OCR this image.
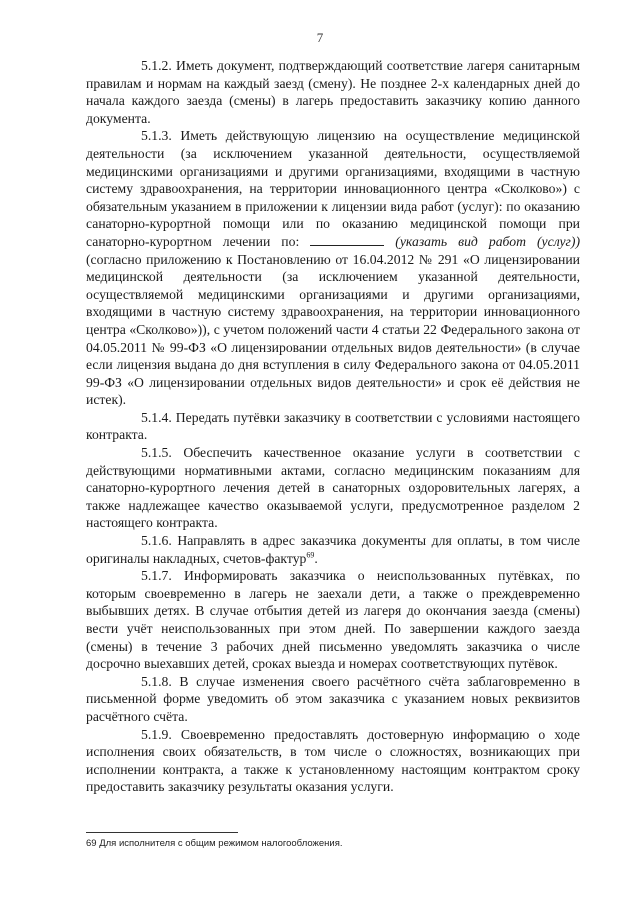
7

5.1.2. Иметь документ, подтверждающий соответствие лагеря санитарным правилам и нормам на каждый заезд (смену). Не позднее 2-х календарных дней до начала каждого заезда (смены) в лагерь предоставить заказчику копию данного документа.

5.1.3. Иметь действующую лицензию на осуществление медицинской деятельности (за исключением указанной деятельности, осуществляемой медицинскими организациями и другими организациями, входящими в частную систему здравоохранения, на территории инновационного центра «Сколково») с обязательным указанием в приложении к лицензии вида работ (услуг): по оказанию санаторно-курортной помощи или по оказанию медицинской помощи при санаторно-курортном лечении по:	(указать вид работ (услуг)) (согласно приложению к Постановлению от 16.04.2012 № 291 «О лицензировании медицинской деятельности (за исключением указанной деятельности, осуществляемой медицинскими организациями и другими организациями, входящими в частную систему здравоохранения, на территории инновационного центра «Сколково»)), с учетом положений части 4 статьи 22 Федерального закона от 04.05.2011 № 99-ФЗ «О лицензировании отдельных видов деятельности» (в случае если лицензия выдана до дня вступления в силу Федерального закона от 04.05.2011 99-ФЗ «О лицензировании отдельных видов деятельности» и срок её действия не истек).

5.1.4. Передать путёвки заказчику в соответствии с условиями настоящего контракта.

5.1.5. Обеспечить качественное оказание услуги в соответствии с действующими нормативными актами, согласно медицинским показаниям для санаторно-курортного лечения детей в санаторных оздоровительных лагерях, а также надлежащее качество оказываемой услуги, предусмотренное разделом 2 настоящего контракта.

5.1.6. Направлять в адрес заказчика документы для оплаты, в том числе оригиналы накладных, счетов-фактур$^{69}$.

5.1.7. Информировать заказчика о неиспользованных путёвках, по которым своевременно в лагерь не заехали дети, а также о преждевременно выбывших детях. В случае отбытия детей из лагеря до окончания заезда (смены) вести учёт неиспользованных при этом дней. По завершении каждого заезда (смены) в течение 3 рабочих дней письменно уведомлять заказчика о числе досрочно выехавших детей, сроках выезда и номерах соответствующих путёвок.

5.1.8. В случае изменения своего расчётного счёта заблаговременно в письменной форме уведомить об этом заказчика с указанием новых реквизитов расчётного счёта.

5.1.9. Своевременно предоставлять достоверную информацию о ходе исполнения своих обязательств, в том числе о сложностях, возникающих при исполнении контракта, а также к установленному настоящим контрактом сроку предоставить заказчику результаты оказания услуги.

69 Для исполнителя с общим режимом налогообложения.
